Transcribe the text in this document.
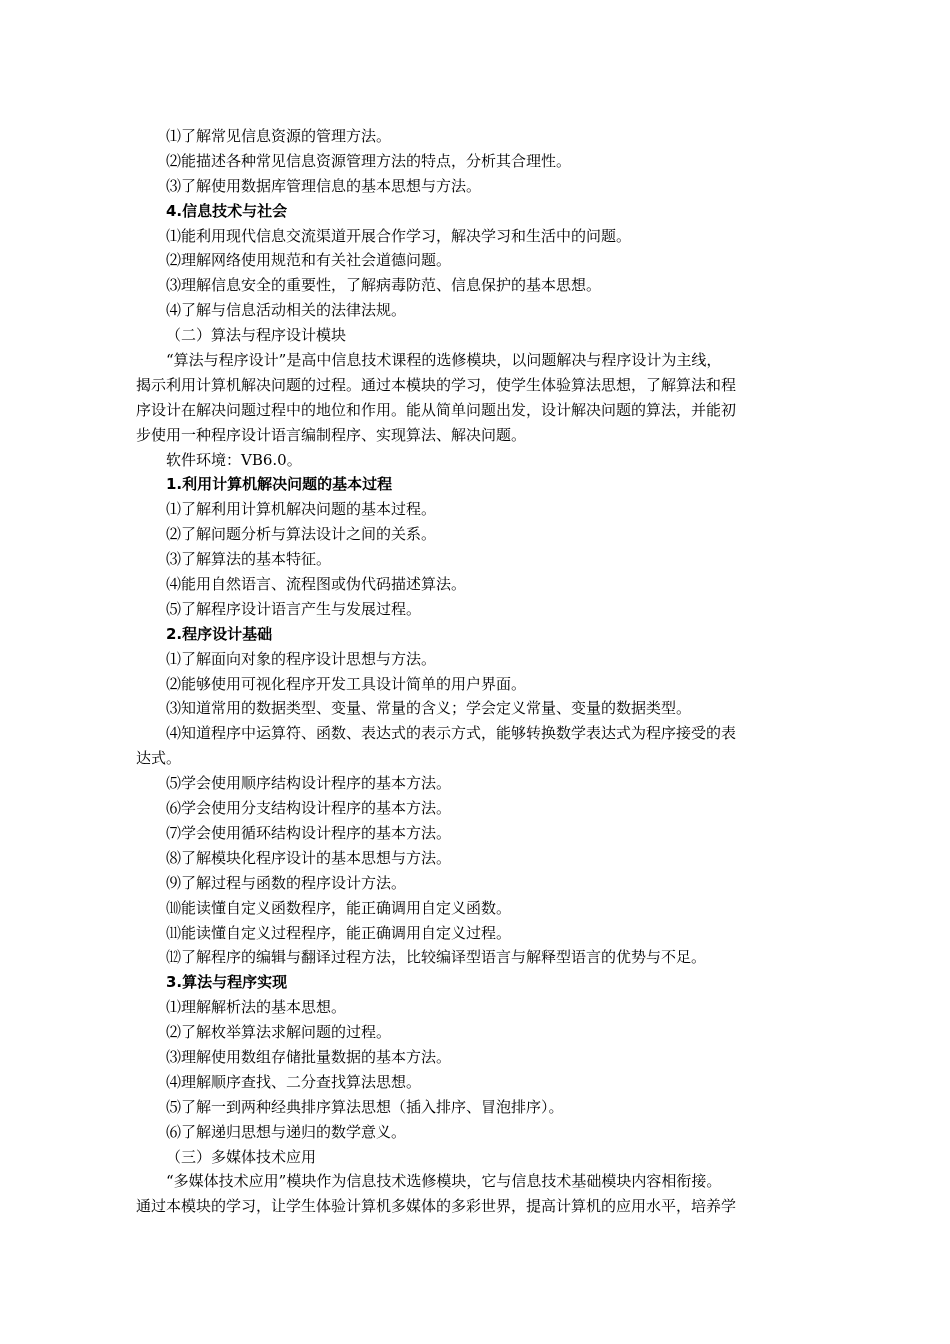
⑴了解常见信息资源的管理方法。
⑵能描述各种常见信息资源管理方法的特点，分析其合理性。
⑶了解使用数据库管理信息的基本思想与方法。
4.信息技术与社会
⑴能利用现代信息交流渠道开展合作学习，解决学习和生活中的问题。
⑵理解网络使用规范和有关社会道德问题。
⑶理解信息安全的重要性，了解病毒防范、信息保护的基本思想。
⑷了解与信息活动相关的法律法规。
（二）算法与程序设计模块
“算法与程序设计”是高中信息技术课程的选修模块，以问题解决与程序设计为主线，
揭示利用计算机解决问题的过程。通过本模块的学习，使学生体验算法思想，了解算法和程
序设计在解决问题过程中的地位和作用。能从简单问题出发，设计解决问题的算法，并能初
步使用一种程序设计语言编制程序、实现算法、解决问题。
软件环境：VB6.0。
1.利用计算机解决问题的基本过程
⑴了解利用计算机解决问题的基本过程。
⑵了解问题分析与算法设计之间的关系。
⑶了解算法的基本特征。
⑷能用自然语言、流程图或伪代码描述算法。
⑸了解程序设计语言产生与发展过程。
2.程序设计基础
⑴了解面向对象的程序设计思想与方法。
⑵能够使用可视化程序开发工具设计简单的用户界面。
⑶知道常用的数据类型、变量、常量的含义；学会定义常量、变量的数据类型。
⑷知道程序中运算符、函数、表达式的表示方式，能够转换数学表达式为程序接受的表
达式。
⑸学会使用顺序结构设计程序的基本方法。
⑹学会使用分支结构设计程序的基本方法。
⑺学会使用循环结构设计程序的基本方法。
⑻了解模块化程序设计的基本思想与方法。
⑼了解过程与函数的程序设计方法。
⑽能读懂自定义函数程序，能正确调用自定义函数。
⑾能读懂自定义过程程序，能正确调用自定义过程。
⑿了解程序的编辑与翻译过程方法，比较编译型语言与解释型语言的优势与不足。
3.算法与程序实现
⑴理解解析法的基本思想。
⑵了解枚举算法求解问题的过程。
⑶理解使用数组存储批量数据的基本方法。
⑷理解顺序查找、二分查找算法思想。
⑸了解一到两种经典排序算法思想（插入排序、冒泡排序）。
⑹了解递归思想与递归的数学意义。
（三）多媒体技术应用
“多媒体技术应用”模块作为信息技术选修模块，它与信息技术基础模块内容相衔接。
通过本模块的学习，让学生体验计算机多媒体的多彩世界，提高计算机的应用水平，培养学
